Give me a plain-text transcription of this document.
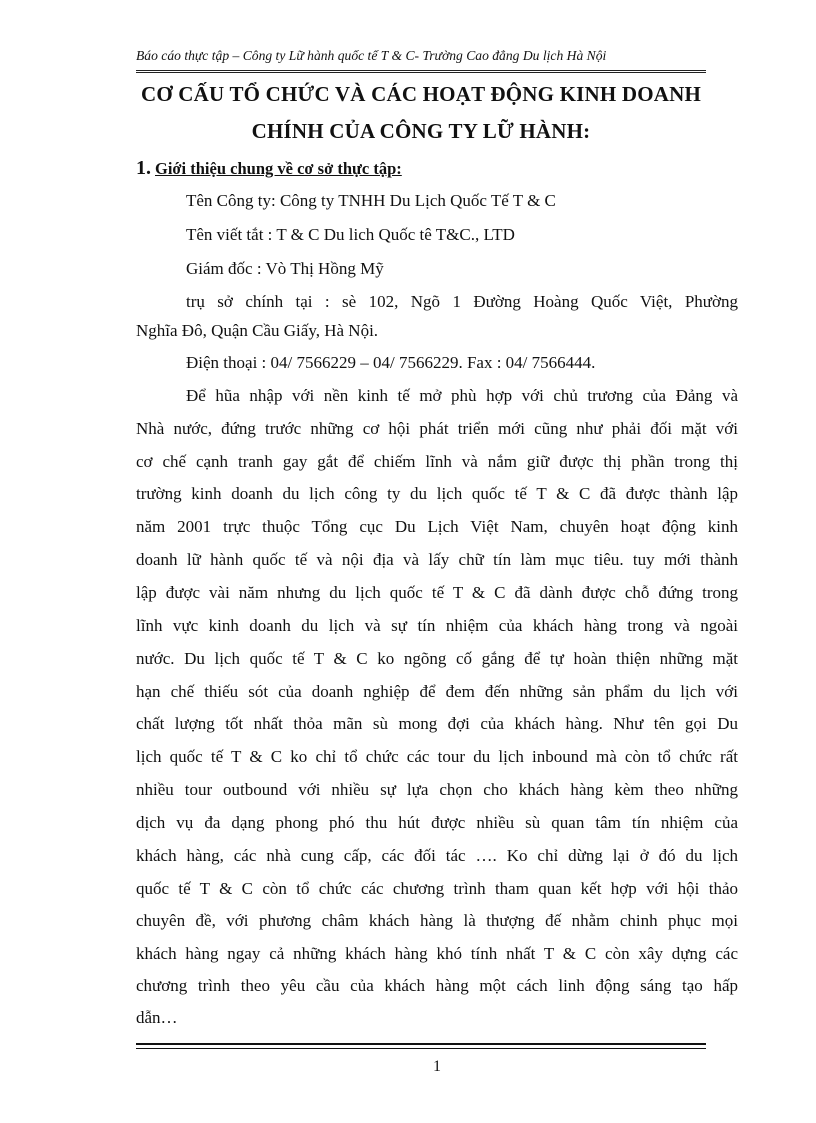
Báo cáo thực tập – Công ty Lữ hành quốc tế T & C- Trường Cao đẳng Du lịch Hà Nội
CƠ CẤU TỔ CHỨC VÀ CÁC HOẠT ĐỘNG KINH DOANH
CHÍNH CỦA CÔNG TY LỮ HÀNH:
1. Giới thiệu chung về cơ sở thực tập:
Tên Công ty: Công ty TNHH Du Lịch Quốc Tế T & C
Tên viết tắt : T & C Du lich Quốc tê T&C., LTD
Giám đốc : Vò Thị Hồng Mỹ
trụ sở chính tại : sè 102, Ngõ 1 Đường Hoàng Quốc Việt, Phường
Nghĩa Đô, Quận Cầu Giấy, Hà Nội.
Điện thoại : 04/ 7566229 – 04/ 7566229. Fax : 04/ 7566444.
Để hũa nhập với nền kinh tế mở phù hợp với chủ trương của Đảng và
Nhà nước, đứng trước những cơ hội phát triển mới cũng như phải đối mặt với
cơ chế cạnh tranh gay gắt để chiếm lĩnh và nắm giữ được thị phần trong thị
trường kinh doanh du lịch công ty du lịch quốc tế T & C đã được thành lập
năm 2001 trực thuộc Tổng cục Du Lịch Việt Nam, chuyên hoạt động kinh
doanh lữ hành quốc tế và nội địa và lấy chữ tín làm mục tiêu. tuy mới thành
lập được vài năm nhưng du lịch quốc tế T & C đã dành được chỗ đứng trong
lĩnh vực kinh doanh du lịch và sự tín nhiệm của khách hàng trong và ngoài
nước. Du lịch quốc tế T & C ko ngõng cố gắng để tự hoàn thiện những mặt
hạn chế thiếu sót của doanh nghiệp để đem đến những sản phẩm du lịch với
chất lượng tốt nhất thỏa mãn sù mong đợi của khách hàng. Như tên gọi Du
lịch quốc tế T & C ko chỉ tổ chức các tour du lịch inbound mà còn tổ chức rất
nhiều tour outbound với nhiều sự lựa chọn cho khách hàng kèm theo những
dịch vụ đa dạng phong phó thu hút được nhiều sù quan tâm tín nhiệm của
khách hàng, các nhà cung cấp, các đối tác …. Ko chỉ dừng lại ở đó du lịch
quốc tế T & C còn tổ chức các chương trình tham quan kết hợp với hội thảo
chuyên đề, với phương châm khách hàng là thượng đế nhằm chinh phục mọi
khách hàng ngay cả những khách hàng khó tính nhất T & C còn xây dựng các
chương trình theo yêu cầu của khách hàng một cách linh động sáng tạo hấp
dẫn…
1
